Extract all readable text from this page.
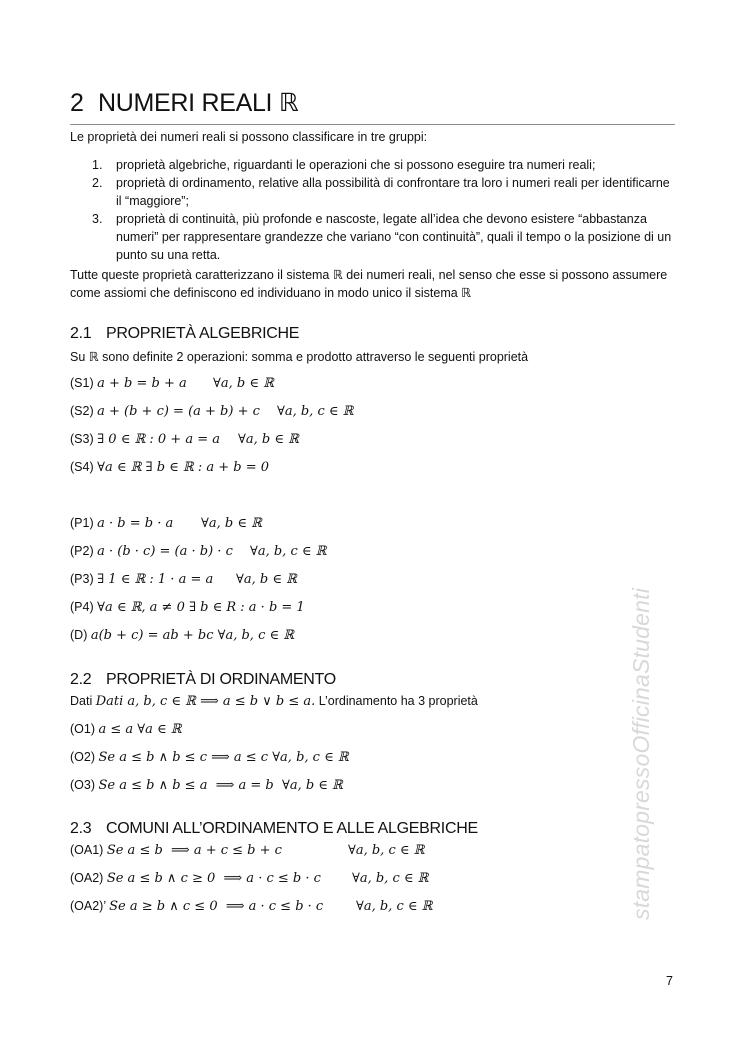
2 NUMERI REALI ℝ
Le proprietà dei numeri reali si possono classificare in tre gruppi:
1. proprietà algebriche, riguardanti le operazioni che si possono eseguire tra numeri reali;
2. proprietà di ordinamento, relative alla possibilità di confrontare tra loro i numeri reali per identificarne il “maggiore”;
3. proprietà di continuità, più profonde e nascoste, legate all’idea che devono esistere “abbastanza numeri” per rappresentare grandezze che variano “con continuità”, quali il tempo o la posizione di un punto su una retta.
Tutte queste proprietà caratterizzano il sistema ℝ dei numeri reali, nel senso che esse si possono assumere come assiomi che definiscono ed individuano in modo unico il sistema ℝ
2.1 PROPRIETÀ ALGEBRICHE
Su ℝ sono definite 2 operazioni: somma e prodotto attraverso le seguenti proprietà
(S1) a + b = b + a ∀a, b ∈ ℝ
(S2) a + (b + c) = (a + b) + c ∀a, b, c ∈ ℝ
(S3) ∃ 0 ∈ ℝ : 0 + a = a ∀a, b ∈ ℝ
(S4) ∀a ∈ ℝ ∃ b ∈ ℝ : a + b = 0
(P1) a · b = b · a ∀a, b ∈ ℝ
(P2) a · (b · c) = (a · b) · c ∀a, b, c ∈ ℝ
(P3) ∃ 1 ∈ ℝ : 1 · a = a ∀a, b ∈ ℝ
(P4) ∀a ∈ ℝ, a ≠ 0 ∃ b ∈ R : a · b = 1
(D) a(b + c) = ab + bc ∀a, b, c ∈ ℝ
2.2 PROPRIETÀ DI ORDINAMENTO
Dati Dati a, b, c ∈ ℝ ⟹ a ≤ b ∨ b ≤ a. L’ordinamento ha 3 proprietà
(O1) a ≤ a ∀a ∈ ℝ
(O2) Se a ≤ b ∧ b ≤ c ⟹ a ≤ c ∀a, b, c ∈ ℝ
(O3) Se a ≤ b ∧ b ≤ a  ⟹ a = b  ∀a, b ∈ ℝ
2.3 COMUNI ALL’ORDINAMENTO E ALLE ALGEBRICHE
(OA1) Se a ≤ b  ⟹ a + c ≤ b + c	∀a, b, c ∈ ℝ
(OA2) Se a ≤ b ∧ c ≥ 0  ⟹ a · c ≤ b · c ∀a, b, c ∈ ℝ
(OA2)’ Se a ≥ b ∧ c ≤ 0  ⟹ a · c ≤ b · c	∀a, b, c ∈ ℝ	stampatopressoOfficinaStudenti
7
